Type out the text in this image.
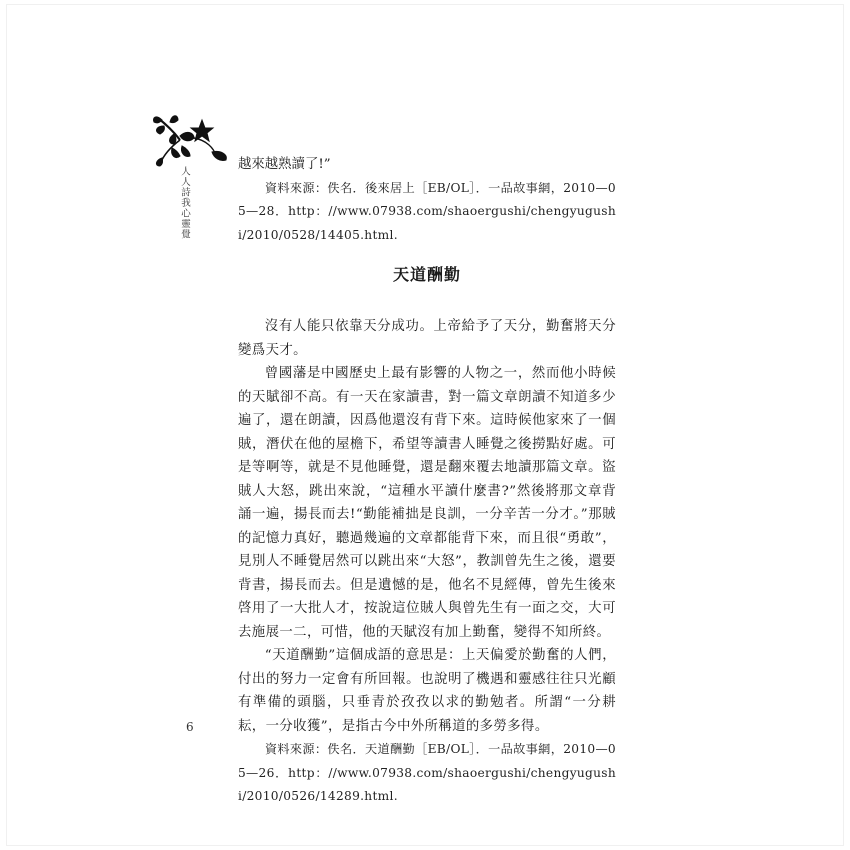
人人詩我心靈覺

越來越熟讀了!”

資料來源：佚名．後來居上［EB/OL］．一品故事網，2010—05—28．http：//www.07938.com/shaoergushi/chengyugushi/2010/0528/14405.html.

天道酬勤

沒有人能只依靠天分成功。上帝給予了天分，勤奮將天分變爲天才。

曾國藩是中國歷史上最有影響的人物之一，然而他小時候的天賦卻不高。有一天在家讀書，對一篇文章朗讀不知道多少遍了，還在朗讀，因爲他還沒有背下來。這時候他家來了一個賊，潛伏在他的屋檐下，希望等讀書人睡覺之後撈點好處。可是等啊等，就是不見他睡覺，還是翻來覆去地讀那篇文章。盜賊人大怒，跳出來說，“這種水平讀什麼書?”然後將那文章背誦一遍，揚長而去!“勤能補拙是良訓，一分辛苦一分才。”那賊的記憶力真好，聽過幾遍的文章都能背下來，而且很“勇敢”，見別人不睡覺居然可以跳出來“大怒”，教訓曾先生之後，還要背書，揚長而去。但是遺憾的是，他名不見經傳，曾先生後來啓用了一大批人才，按說這位賊人與曾先生有一面之交，大可去施展一二，可惜，他的天賦沒有加上勤奮，變得不知所終。

“天道酬勤”這個成語的意思是：上天偏愛於勤奮的人們，付出的努力一定會有所回報。也說明了機遇和靈感往往只光顧有準備的頭腦，只垂青於孜孜以求的勤勉者。所謂“一分耕耘，一分收獲”，是指古今中外所稱道的多勞多得。

資料來源：佚名．天道酬勤［EB/OL］．一品故事網，2010—05—26．http：//www.07938.com/shaoergushi/chengyugushi/2010/0526/14289.html.

6
